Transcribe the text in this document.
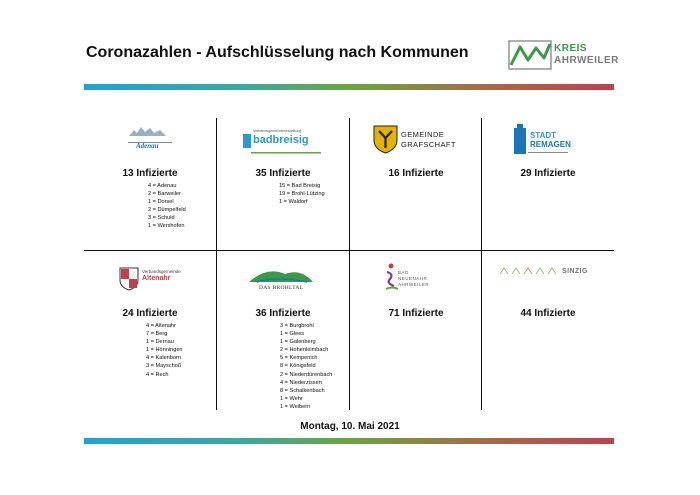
Coronazahlen - Aufschlüsselung nach Kommunen	KREIS
AHRWEILER
Adenau
13 Infizierte
4 = Adenau
2 = Barweiler
1 = Dorsel
2 = Dümpelfeld
3 = Schuld
1 = Wershofen
Verbandsgemeindeverwaltung
badbreisig
35 Infizierte
15 = Bad Breisig
19 = Brohl-Lützing
1 = Waldorf
GEMEINDE
GRAFSCHAFT
16 Infizierte
STADT
REMAGEN
29 Infizierte
Verbandsgemeinde
Altenahr
24 Infizierte
4 = Altenahr
7 = Berg
1 = Dernau
1 = Hönningen
4 = Kalenborn
3 = Mayschoß
4 = Rech
DAS BROHLTAL
36 Infizierte
3 = Burgbrohl
1 = Glees
1 = Galenberg
2 = Hohenleimbach
5 = Kempenich
8 = Königsfeld
2 = Niederdürenbach
4 = Niederzissen
8 = Schalkenbach
1 = Wehr
1 = Weibern
BAD
NEUENAHR
AHRWEILER
71 Infizierte
SINZIG
44 Infizierte
Montag, 10. Mai 2021
